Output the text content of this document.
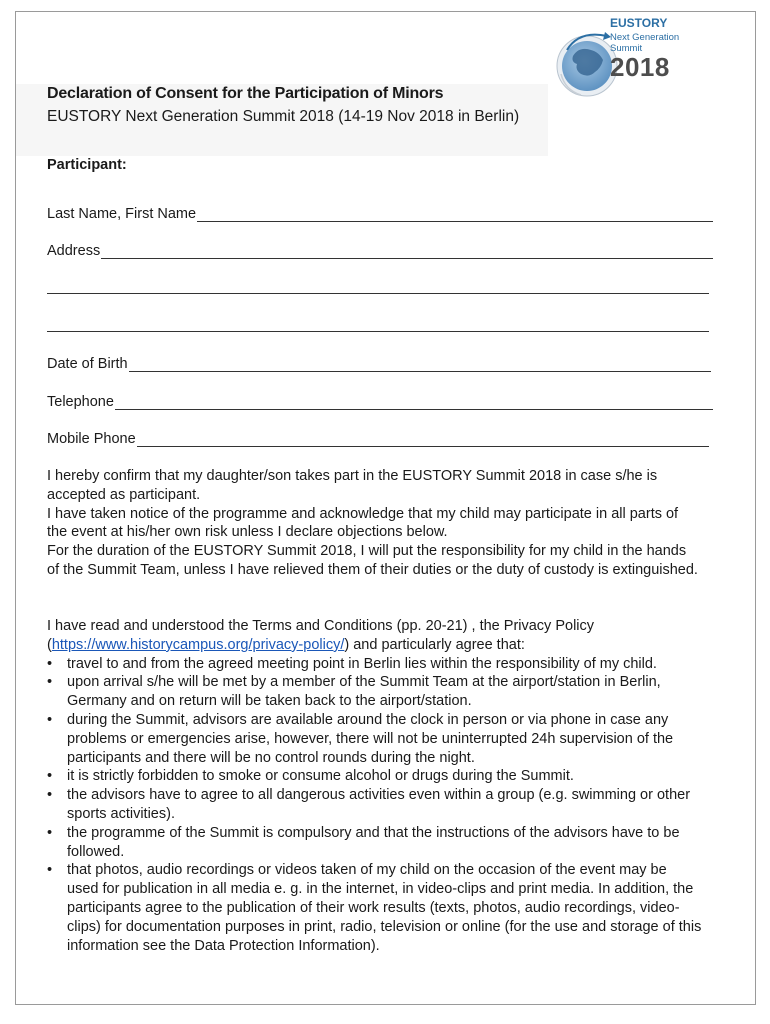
EUSTORY
Next Generation Summit
2018
Declaration of Consent for the Participation of Minors
EUSTORY Next Generation Summit 2018 (14-19 Nov 2018 in Berlin)
Participant:
Last Name, First Name
Address
Date of Birth
Telephone
Mobile Phone

I hereby confirm that my daughter/son takes part in the EUSTORY Summit 2018 in case s/he is accepted as participant.

I have taken notice of the programme and acknowledge that my child may participate in all parts of the event at his/her own risk unless I declare objections below.

For the duration of the EUSTORY Summit 2018, I will put the responsibility for my child in the hands of the Summit Team, unless I have relieved them of their duties or the duty of custody is extinguished.

I have read and understood the Terms and Conditions (pp. 20-21) , the Privacy Policy (https://www.historycampus.org/privacy-policy/) and particularly agree that:

• travel to and from the agreed meeting point in Berlin lies within the responsibility of my child.
• upon arrival s/he will be met by a member of the Summit Team at the airport/station in Berlin, Germany and on return will be taken back to the airport/station.
• during the Summit, advisors are available around the clock in person or via phone in case any problems or emergencies arise, however, there will not be uninterrupted 24h supervision of the participants and there will be no control rounds during the night.
• it is strictly forbidden to smoke or consume alcohol or drugs during the Summit.
• the advisors have to agree to all dangerous activities even within a group (e.g. swimming or other sports activities).
• the programme of the Summit is compulsory and that the instructions of the advisors have to be followed.
• that photos, audio recordings or videos taken of my child on the occasion of the event may be used for publication in all media e. g. in the internet, in video-clips and print media. In addition, the participants agree to the publication of their work results (texts, photos, audio recordings, video-clips) for documentation purposes in print, radio, television or online (for the use and storage of this information see the Data Protection Information).
